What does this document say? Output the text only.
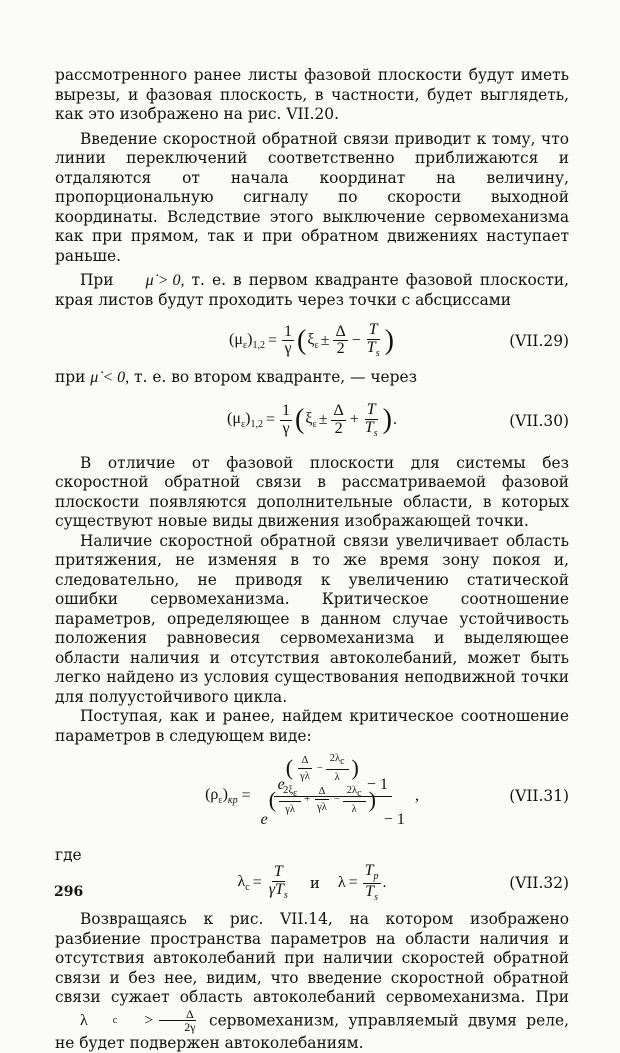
рассмотренного ранее листы фазовой плоскости будут иметь вырезы, и фазовая плоскость, в частности, будет выглядеть, как это изображено на рис. VII.20.

Введение скоростной обратной связи приводит к тому, что линии переключений соответственно приближаются и отдаляются от начала координат на величину, пропорциональную сигналу по скорости выходной координаты. Вследствие этого выключение сервомеханизма как при прямом, так и при обратном движениях наступает раньше.

При μ̇ > 0, т. е. в первом квадранте фазовой плоскости, края листов будут проходить через точки с абсциссами

$(\mu_\varepsilon)_{1,2} = \frac{1}{\gamma}$ ( $\xi_\varepsilon \pm \frac{\Delta}{2} - \frac{T}{T_s}$ )	(VII.29)

при μ̇ < 0, т. е. во втором квадранте, — через

$(\mu_\varepsilon)_{1,2} = \frac{1}{\gamma}$ ( $\xi_\varepsilon \pm \frac{\Delta}{2} + \frac{T}{T_s}$ ) .	(VII.30)

В отличие от фазовой плоскости для системы без скоростной обратной связи в рассматриваемой фазовой плоскости появляются дополнительные области, в которых существуют новые виды движения изображающей точки.

Наличие скоростной обратной связи увеличивает область притяжения, не изменяя в то же время зону покоя и, следовательно, не приводя к увеличению статической ошибки сервомеханизма. Критическое соотношение параметров, определяющее в данном случае устойчивость положения равновесия сервомеханизма и выделяющее области наличия и отсутствия автоколебаний, может быть легко найдено из условия существования неподвижной точки для полуустойчивого цикла.

Поступая, как и ранее, найдем критическое соотношение параметров в следующем виде:

$(\rho_\varepsilon)_{кр}$ =
e
( $\frac{\Delta}{\gamma\lambda} - \frac{2\lambda_c}{\lambda}$ )
− 1
e
( $\frac{2\xi_\varepsilon}{\gamma\lambda} + \frac{\Delta}{\gamma\lambda} - \frac{2\lambda_c}{\lambda}$ )
− 1
,	(VII.31)
где
$\lambda_c = \frac{T}{\gamma T_s}$ и $\lambda = \frac{T_p}{T_s}$ .	(VII.32)

Возвращаясь к рис. VII.14, на котором изображено разбиение пространства параметров на области наличия и отсутствия автоколебаний при наличии скоростей обратной связи и без нее, видим, что введение скоростной обратной связи сужает область автоколебаний сервомеханизма. При
λ	c	> $\frac{\Delta}{2\gamma}$ сервомеханизм, управляемый двумя реле, не будет подвержен автоколебаниям.

296
